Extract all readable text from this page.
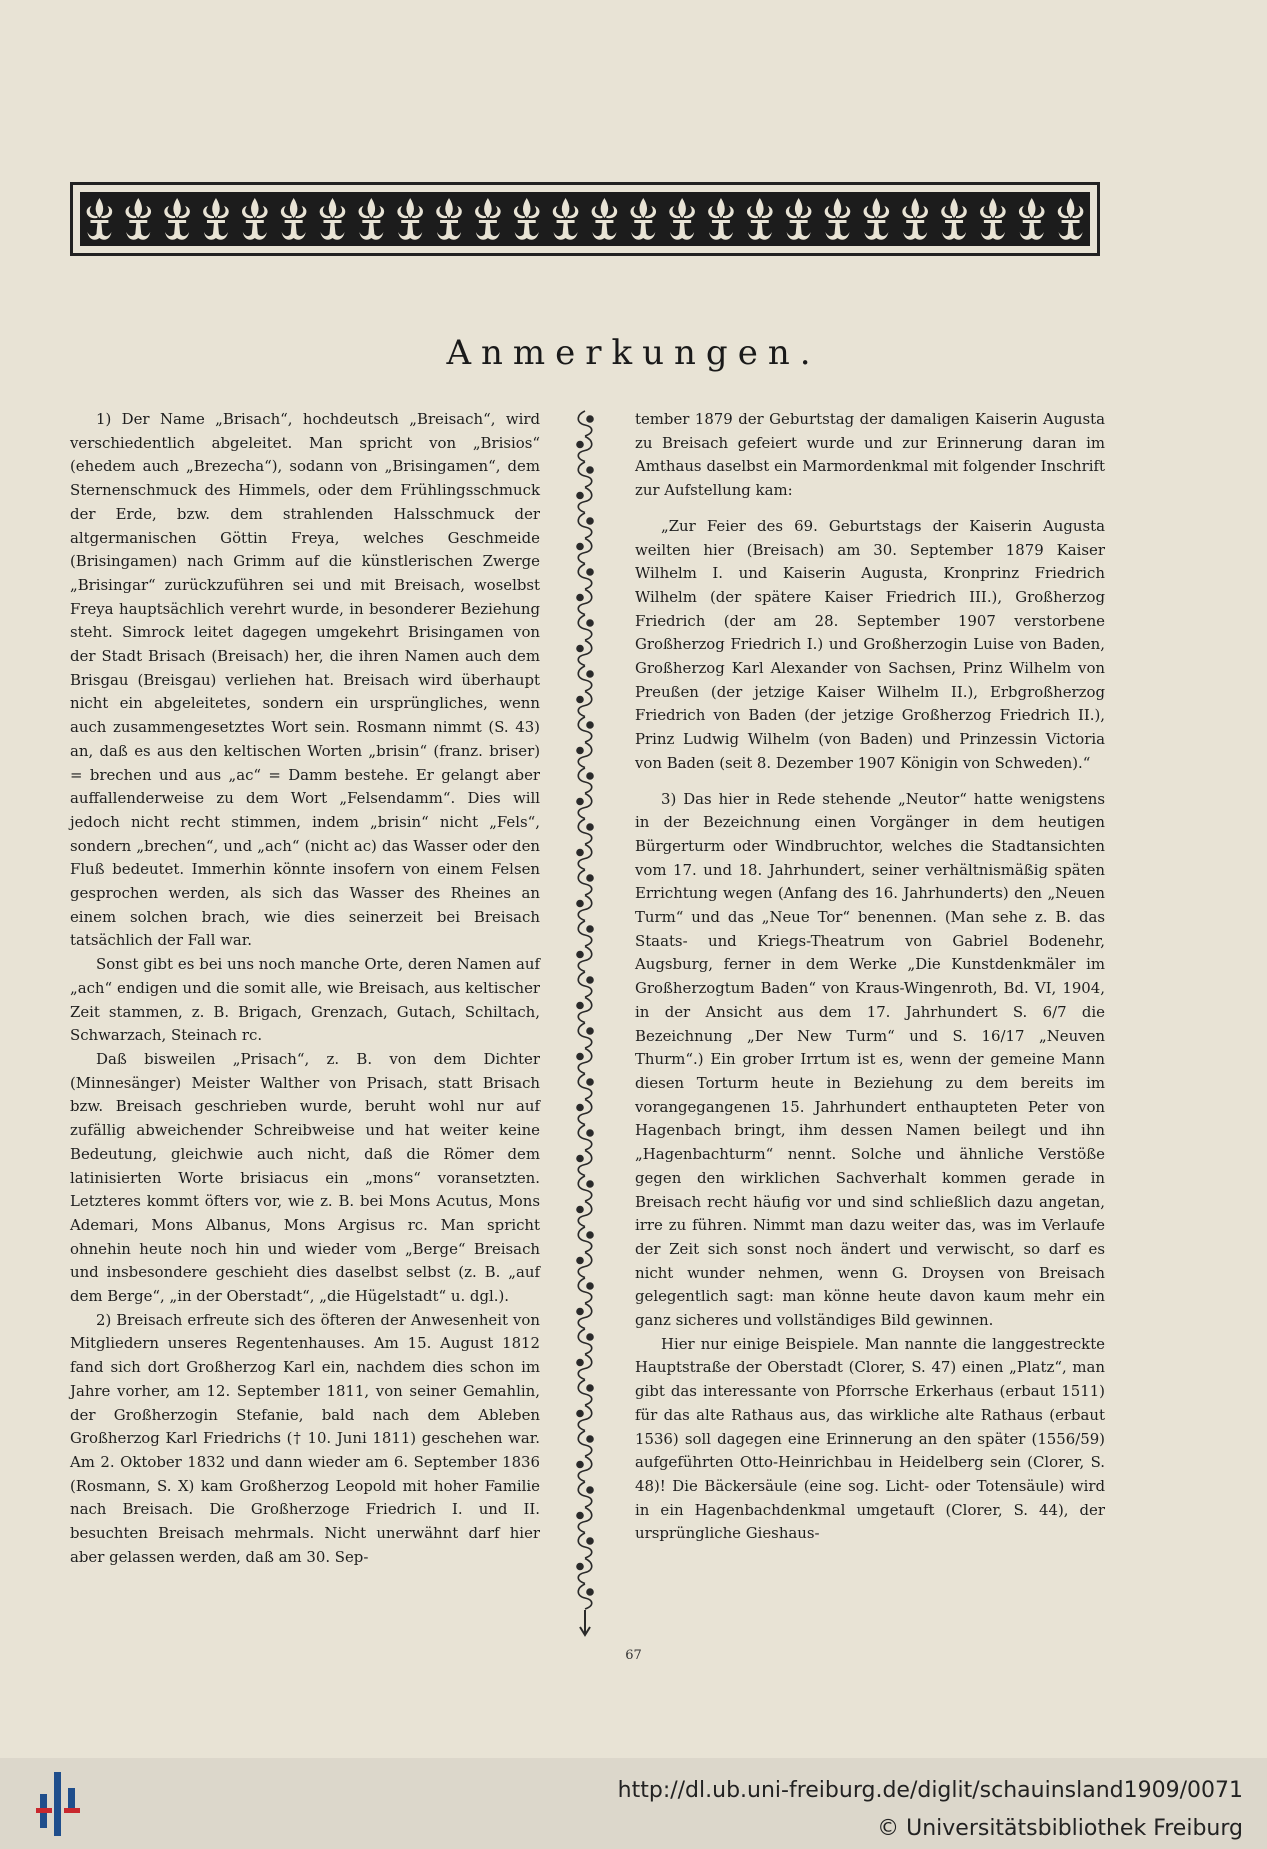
Anmerkungen.

1) Der Name „Brisach“, hochdeutsch „Breisach“, wird verschiedentlich abgeleitet. Man spricht von „Brisios“ (ehedem auch „Brezecha“), sodann von „Brisingamen“, dem Sternenschmuck des Himmels, oder dem Frühlingsschmuck der Erde, bzw. dem strahlenden Halsschmuck der altgermanischen Göttin Freya, welches Geschmeide (Brisingamen) nach Grimm auf die künstlerischen Zwerge „Brisingar“ zurückzuführen sei und mit Breisach, woselbst Freya hauptsächlich verehrt wurde, in besonderer Beziehung steht. Simrock leitet dagegen umgekehrt Brisingamen von der Stadt Brisach (Breisach) her, die ihren Namen auch dem Brisgau (Breisgau) verliehen hat. Breisach wird überhaupt nicht ein abgeleitetes, sondern ein ursprüngliches, wenn auch zusammengesetztes Wort sein. Rosmann nimmt (S. 43) an, daß es aus den keltischen Worten „brisin“ (franz. briser) = brechen und aus „ac“ = Damm bestehe. Er gelangt aber auffallenderweise zu dem Wort „Felsendamm“. Dies will jedoch nicht recht stimmen, indem „brisin“ nicht „Fels“, sondern „brechen“, und „ach“ (nicht ac) das Wasser oder den Fluß bedeutet. Immerhin könnte insofern von einem Felsen gesprochen werden, als sich das Wasser des Rheines an einem solchen brach, wie dies seinerzeit bei Breisach tatsächlich der Fall war.

Sonst gibt es bei uns noch manche Orte, deren Namen auf „ach“ endigen und die somit alle, wie Breisach, aus keltischer Zeit stammen, z. B. Brigach, Grenzach, Gutach, Schiltach, Schwarzach, Steinach rc.

Daß bisweilen „Prisach“, z. B. von dem Dichter (Minnesänger) Meister Walther von Prisach, statt Brisach bzw. Breisach geschrieben wurde, beruht wohl nur auf zufällig abweichender Schreibweise und hat weiter keine Bedeutung, gleichwie auch nicht, daß die Römer dem latinisierten Worte brisiacus ein „mons“ voransetzten. Letzteres kommt öfters vor, wie z. B. bei Mons Acutus, Mons Ademari, Mons Albanus, Mons Argisus rc. Man spricht ohnehin heute noch hin und wieder vom „Berge“ Breisach und insbesondere geschieht dies daselbst selbst (z. B. „auf dem Berge“, „in der Oberstadt“, „die Hügelstadt“ u. dgl.).

2) Breisach erfreute sich des öfteren der Anwesenheit von Mitgliedern unseres Regentenhauses. Am 15. August 1812 fand sich dort Großherzog Karl ein, nachdem dies schon im Jahre vorher, am 12. September 1811, von seiner Gemahlin, der Großherzogin Stefanie, bald nach dem Ableben Großherzog Karl Friedrichs († 10. Juni 1811) geschehen war. Am 2. Oktober 1832 und dann wieder am 6. September 1836 (Rosmann, S. X) kam Großherzog Leopold mit hoher Familie nach Breisach. Die Großherzoge Friedrich I. und II. besuchten Breisach mehrmals. Nicht unerwähnt darf hier aber gelassen werden, daß am 30. Sep-

tember 1879 der Geburtstag der damaligen Kaiserin Augusta zu Breisach gefeiert wurde und zur Erinnerung daran im Amthaus daselbst ein Marmordenkmal mit folgender Inschrift zur Aufstellung kam:

„Zur Feier des 69. Geburtstags der Kaiserin Augusta weilten hier (Breisach) am 30. September 1879 Kaiser Wilhelm I. und Kaiserin Augusta, Kronprinz Friedrich Wilhelm (der spätere Kaiser Friedrich III.), Großherzog Friedrich (der am 28. September 1907 verstorbene Großherzog Friedrich I.) und Großherzogin Luise von Baden, Großherzog Karl Alexander von Sachsen, Prinz Wilhelm von Preußen (der jetzige Kaiser Wilhelm II.), Erbgroßherzog Friedrich von Baden (der jetzige Großherzog Friedrich II.), Prinz Ludwig Wilhelm (von Baden) und Prinzessin Victoria von Baden (seit 8. Dezember 1907 Königin von Schweden).“

3) Das hier in Rede stehende „Neutor“ hatte wenigstens in der Bezeichnung einen Vorgänger in dem heutigen Bürgerturm oder Windbruchtor, welches die Stadtansichten vom 17. und 18. Jahrhundert, seiner verhältnismäßig späten Errichtung wegen (Anfang des 16. Jahrhunderts) den „Neuen Turm“ und das „Neue Tor“ benennen. (Man sehe z. B. das Staats- und Kriegs-Theatrum von Gabriel Bodenehr, Augsburg, ferner in dem Werke „Die Kunstdenkmäler im Großherzogtum Baden“ von Kraus-Wingenroth, Bd. VI, 1904, in der Ansicht aus dem 17. Jahrhundert S. 6/7 die Bezeichnung „Der New Turm“ und S. 16/17 „Neuven Thurm“.) Ein grober Irrtum ist es, wenn der gemeine Mann diesen Torturm heute in Beziehung zu dem bereits im vorangegangenen 15. Jahrhundert enthaupteten Peter von Hagenbach bringt, ihm dessen Namen beilegt und ihn „Hagenbachturm“ nennt. Solche und ähnliche Verstöße gegen den wirklichen Sachverhalt kommen gerade in Breisach recht häufig vor und sind schließlich dazu angetan, irre zu führen. Nimmt man dazu weiter das, was im Verlaufe der Zeit sich sonst noch ändert und verwischt, so darf es nicht wunder nehmen, wenn G. Droysen von Breisach gelegentlich sagt: man könne heute davon kaum mehr ein ganz sicheres und vollständiges Bild gewinnen.

Hier nur einige Beispiele. Man nannte die langgestreckte Hauptstraße der Oberstadt (Clorer, S. 47) einen „Platz“, man gibt das interessante von Pforrsche Erkerhaus (erbaut 1511) für das alte Rathaus aus, das wirkliche alte Rathaus (erbaut 1536) soll dagegen eine Erinnerung an den später (1556/59) aufgeführten Otto-Heinrichbau in Heidelberg sein (Clorer, S. 48)! Die Bäckersäule (eine sog. Licht- oder Totensäule) wird in ein Hagenbachdenkmal umgetauft (Clorer, S. 44), der ursprüngliche Gieshaus-

67
http://dl.ub.uni-freiburg.de/diglit/schauinsland1909/0071
© Universitätsbibliothek Freiburg
